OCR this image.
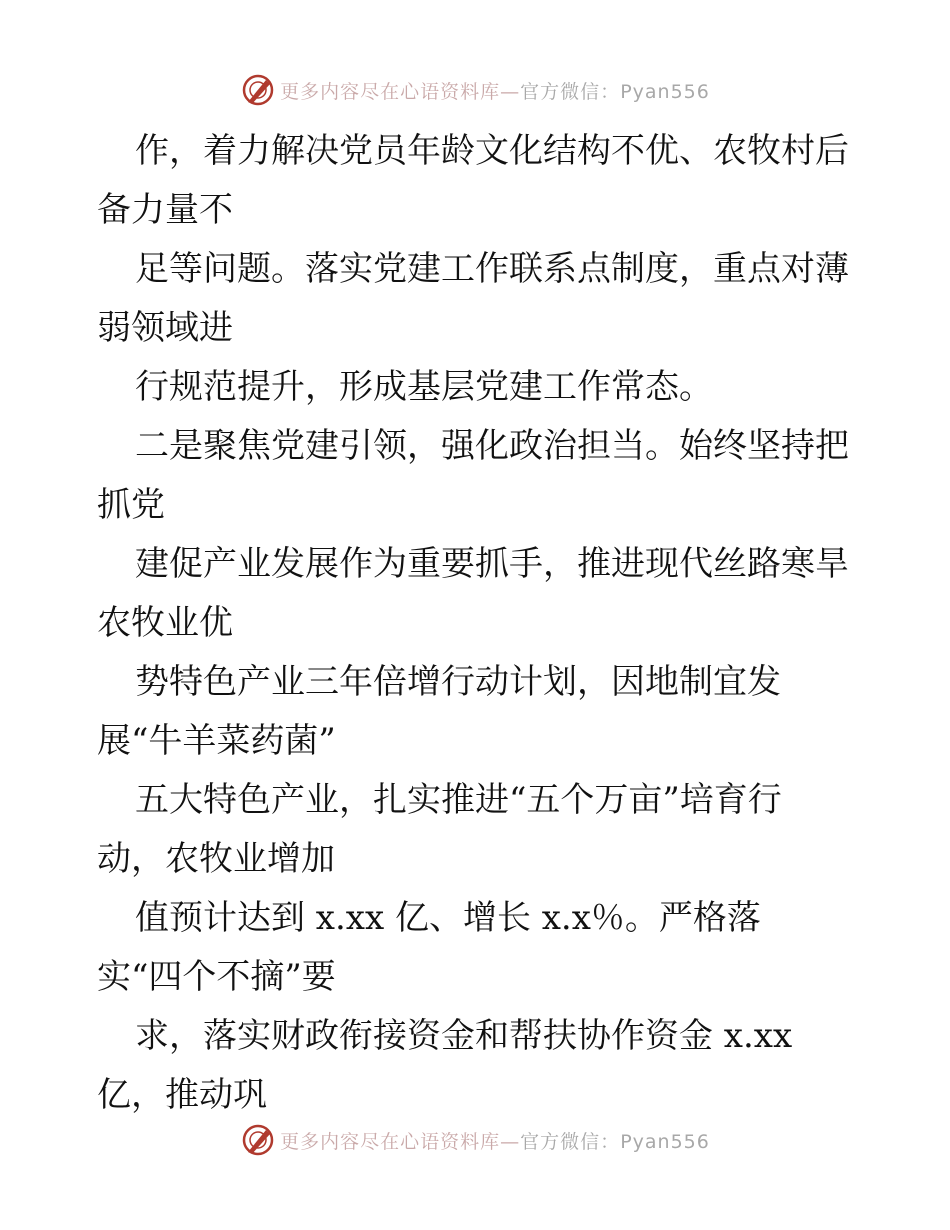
更多内容尽在心语资料库—官方微信：Pyan556
作，着力解决党员年龄文化结构不优、农牧村后
备力量不
足等问题。落实党建工作联系点制度，重点对薄
弱领域进
行规范提升，形成基层党建工作常态。
二是聚焦党建引领，强化政治担当。始终坚持把
抓党
建促产业发展作为重要抓手，推进现代丝路寒旱
农牧业优
势特色产业三年倍增行动计划，因地制宜发
展“牛羊菜药菌”
五大特色产业，扎实推进“五个万亩”培育行
动，农牧业增加
值预计达到 x.xx 亿、增长 x.x％。严格落
实“四个不摘”要
求，落实财政衔接资金和帮扶协作资金 x.xx
亿，推动巩
更多内容尽在心语资料库—官方微信：Pyan556
